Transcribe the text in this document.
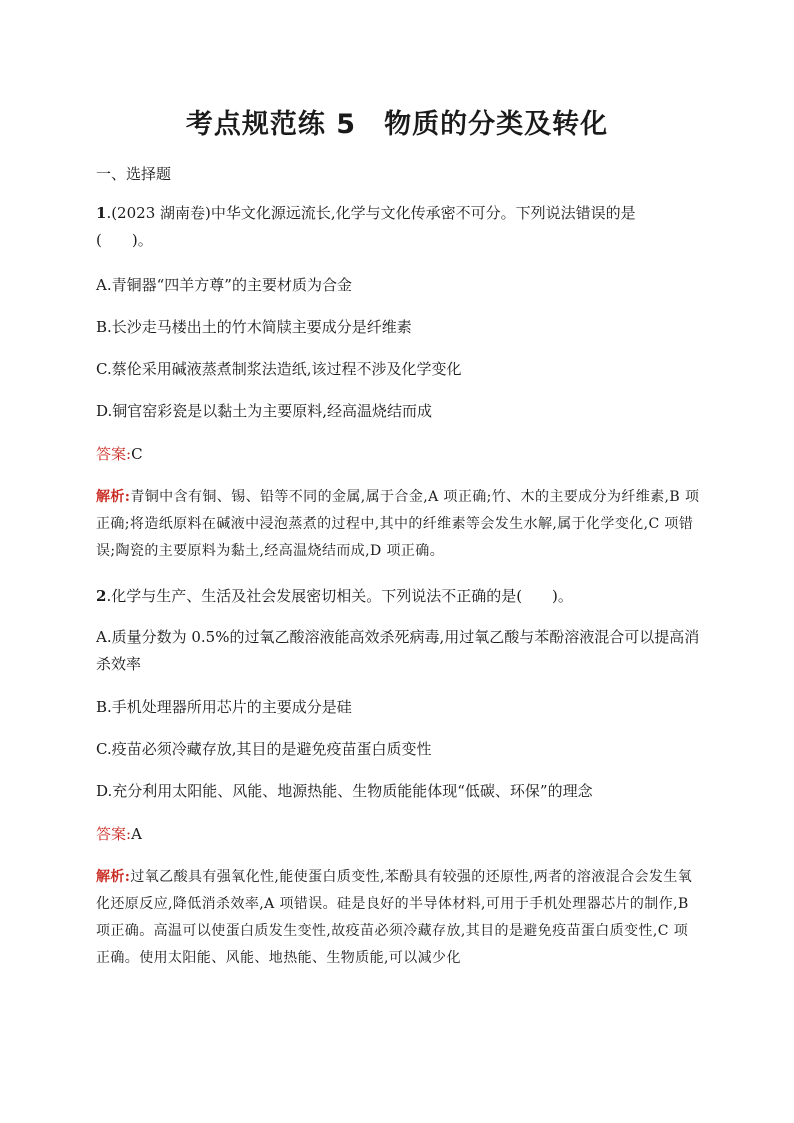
考点规范练 5　物质的分类及转化
一、选择题
1.(2023 湖南卷)中华文化源远流长,化学与文化传承密不可分。下列说法错误的是
(　　)。
A.青铜器“四羊方尊”的主要材质为合金
B.长沙走马楼出土的竹木简牍主要成分是纤维素
C.蔡伦采用碱液蒸煮制浆法造纸,该过程不涉及化学变化
D.铜官窑彩瓷是以黏土为主要原料,经高温烧结而成
答案:C
解析:青铜中含有铜、锡、铅等不同的金属,属于合金,A 项正确;竹、木的主要成分为纤维素,B 项正确;将造纸原料在碱液中浸泡蒸煮的过程中,其中的纤维素等会发生水解,属于化学变化,C 项错误;陶瓷的主要原料为黏土,经高温烧结而成,D 项正确。
2.化学与生产、生活及社会发展密切相关。下列说法不正确的是(　　)。
A.质量分数为 0.5%的过氧乙酸溶液能高效杀死病毒,用过氧乙酸与苯酚溶液混合可以提高消杀效率
B.手机处理器所用芯片的主要成分是硅
C.疫苗必须冷藏存放,其目的是避免疫苗蛋白质变性
D.充分利用太阳能、风能、地源热能、生物质能能体现“低碳、环保”的理念
答案:A
解析:过氧乙酸具有强氧化性,能使蛋白质变性,苯酚具有较强的还原性,两者的溶液混合会发生氧化还原反应,降低消杀效率,A 项错误。硅是良好的半导体材料,可用于手机处理器芯片的制作,B 项正确。高温可以使蛋白质发生变性,故疫苗必须冷藏存放,其目的是避免疫苗蛋白质变性,C 项正确。使用太阳能、风能、地热能、生物质能,可以减少化
